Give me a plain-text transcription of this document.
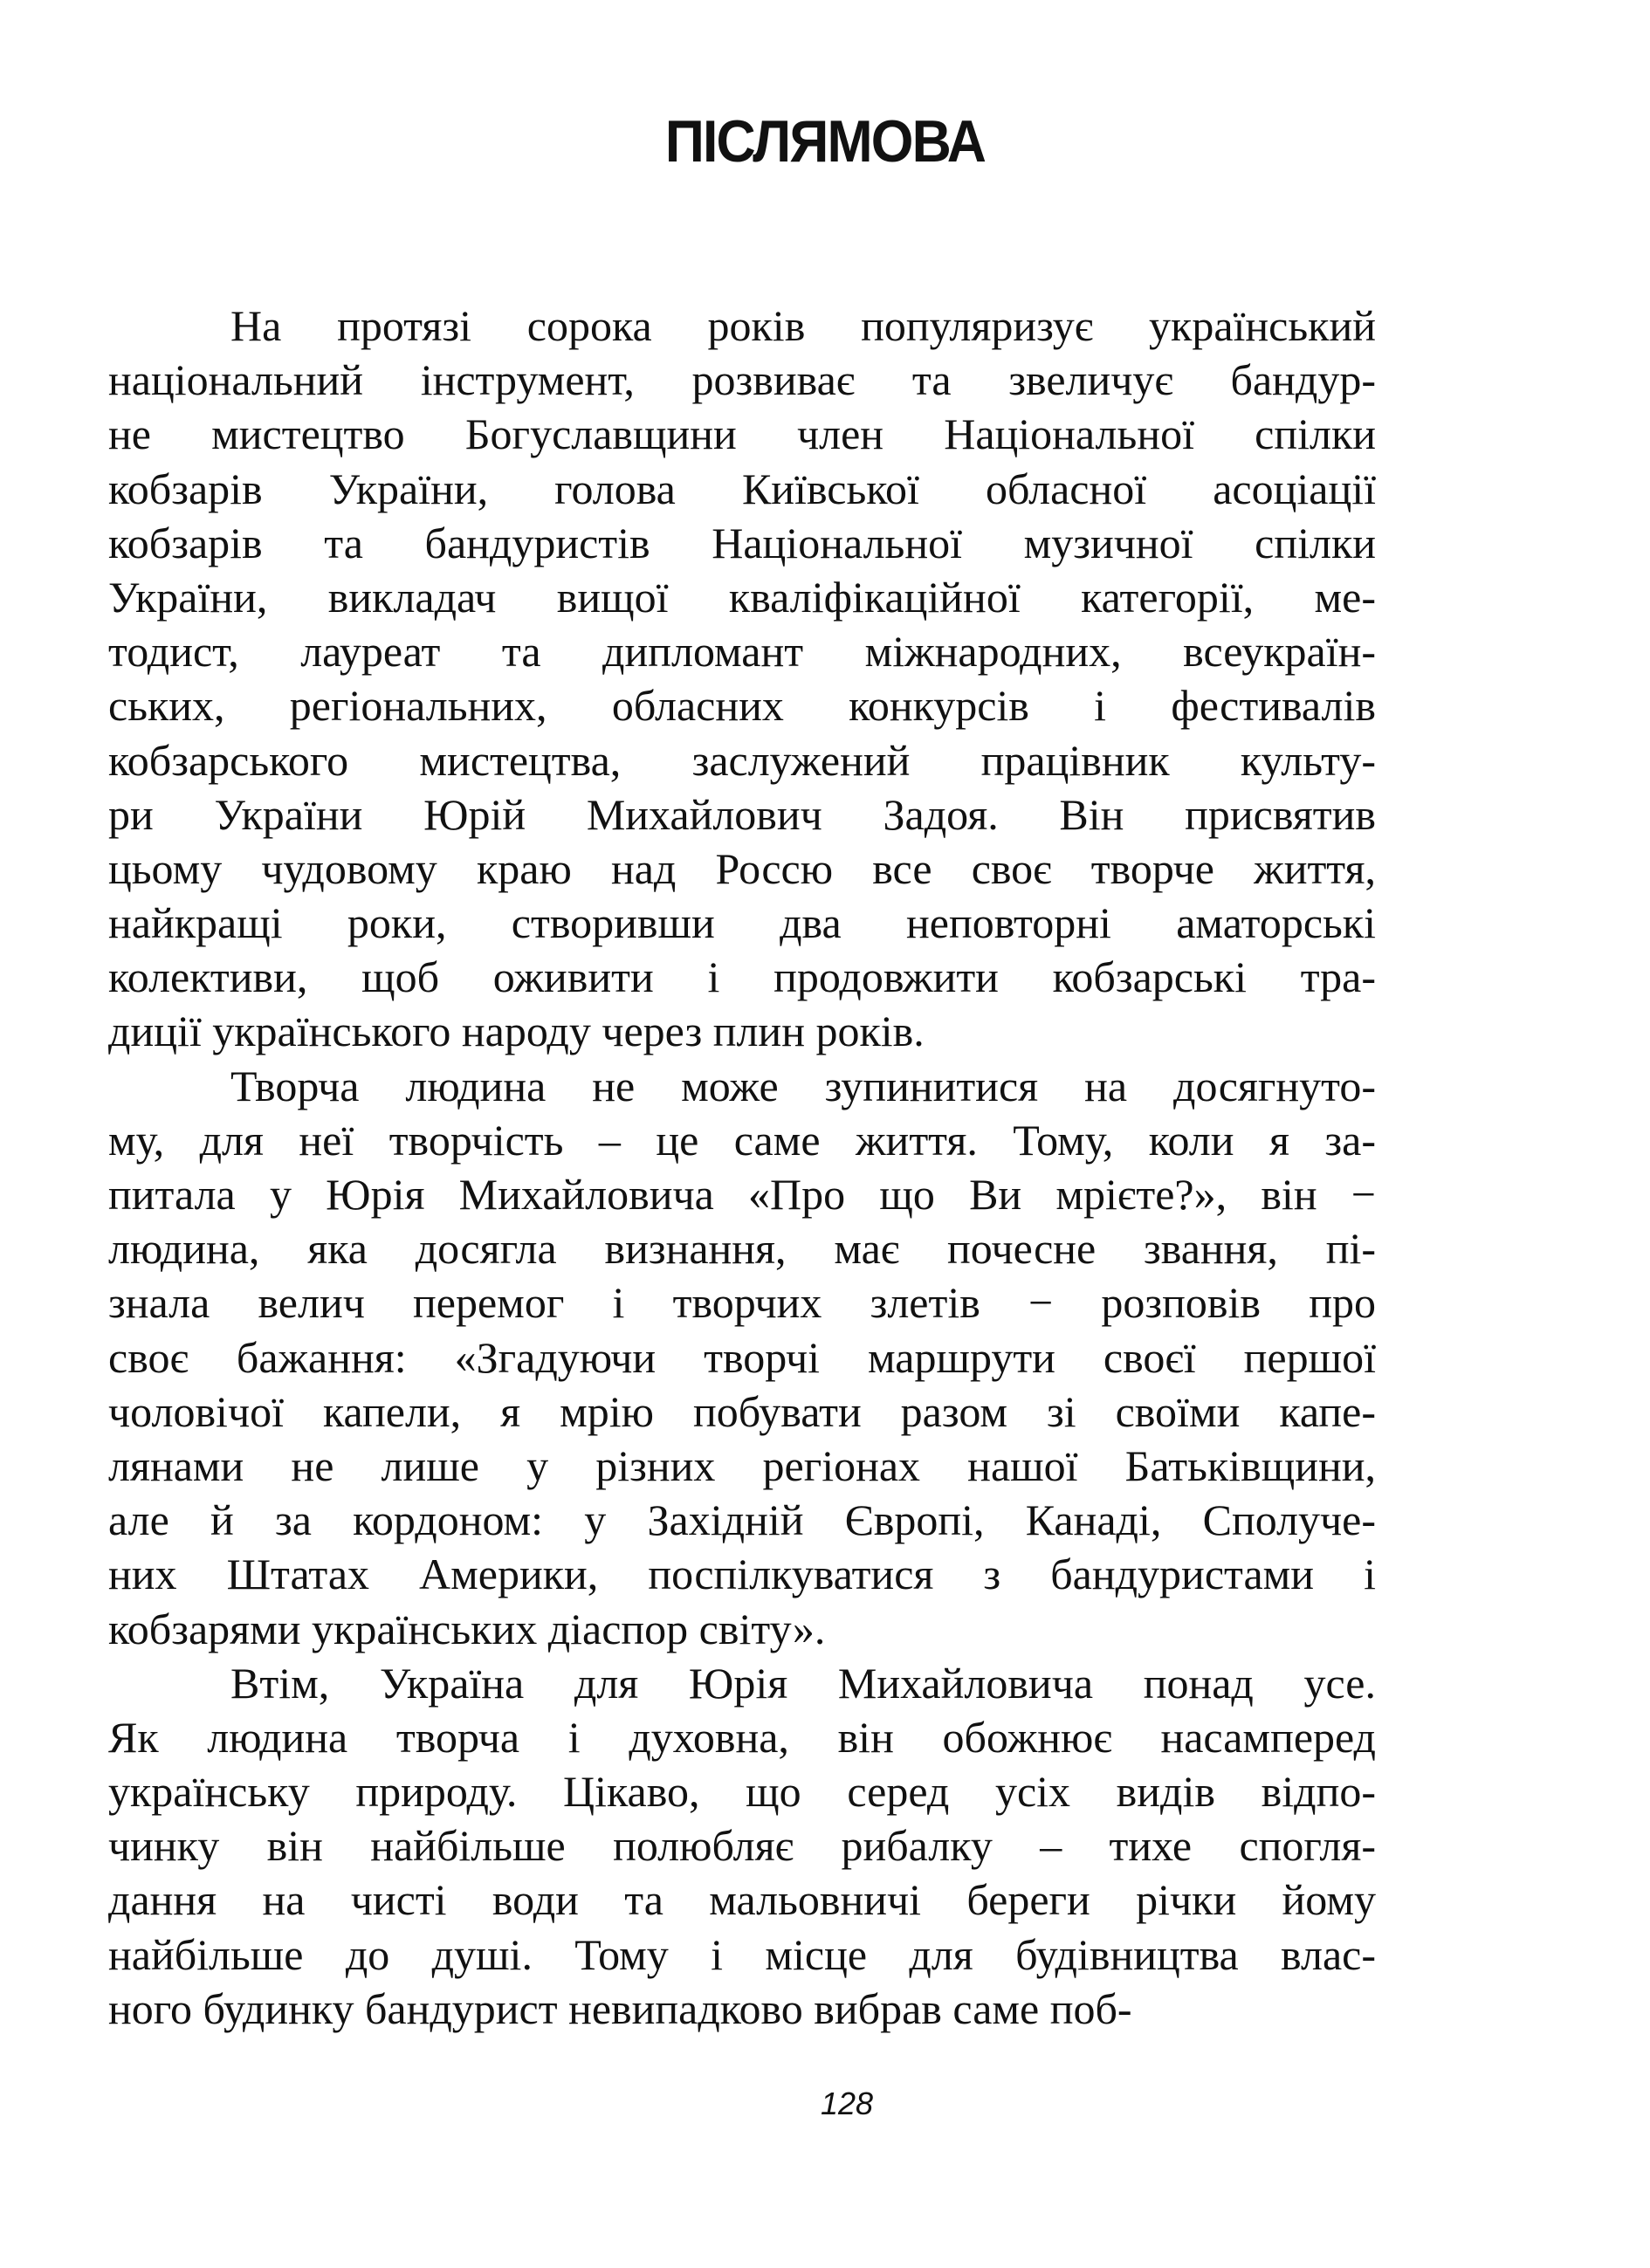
ПІСЛЯМОВА
На протязі сорока років популяризує український
національний інструмент, розвиває та звеличує бандур-
не мистецтво Богуславщини член Національної спілки
кобзарів України, голова Київської обласної асоціації
кобзарів та бандуристів Національної музичної спілки
України, викладач вищої кваліфікаційної категорії, ме-
тодист, лауреат та дипломант міжнародних, всеукраїн-
ських, регіональних, обласних конкурсів і фестивалів
кобзарського мистецтва, заслужений працівник культу-
ри України Юрій Михайлович Задоя. Він присвятив
цьому чудовому краю над Россю все своє творче життя,
найкращі роки, створивши два неповторні аматорські
колективи, щоб оживити і продовжити кобзарські тра-
диції українського народу через плин років.
Творча людина не може зупинитися на досягнуто-
му, для неї творчість – це саме життя. Тому, коли я за-
питала у Юрія Михайловича «Про що Ви мрієте?», він −
людина, яка досягла визнання, має почесне звання, пі-
знала велич перемог і творчих злетів − розповів про
своє бажання: «Згадуючи творчі маршрути своєї першої
чоловічої капели, я мрію побувати разом зі своїми капе-
лянами не лише у різних регіонах нашої Батьківщини,
але й за кордоном: у Західній Європі, Канаді, Сполуче-
них Штатах Америки, поспілкуватися з бандуристами і
кобзарями українських діаспор світу».
Втім, Україна для Юрія Михайловича понад усе.
Як людина творча і духовна, він обожнює насамперед
українську природу. Цікаво, що серед усіх видів відпо-
чинку він найбільше полюбляє рибалку – тихе спогля-
дання на чисті води та мальовничі береги річки йому
найбільше до душі. Тому і місце для будівництва влас-
ного будинку бандурист невипадково вибрав саме поб-
128
